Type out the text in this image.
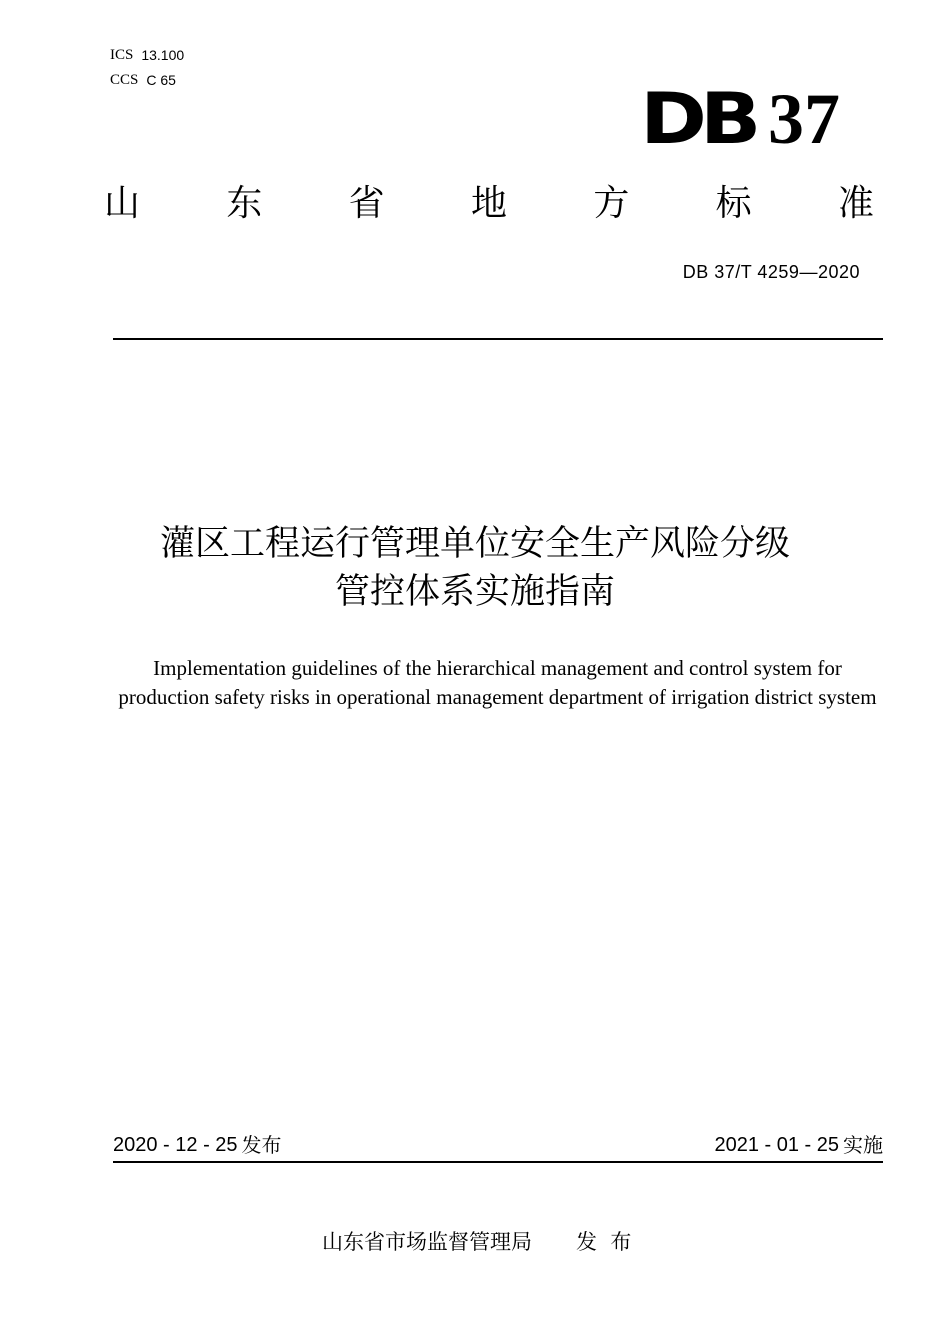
ICS 13.100
CCS C 65	DB 37
山 东 省 地 方 标 准
DB 37/T 4259—2020
灌区工程运行管理单位安全生产风险分级
管控体系实施指南
Implementation guidelines of the hierarchical management and control system for production safety risks in operational management department of irrigation district system
2020 - 12 - 25 发布	2021 - 01 - 25 实施
山东省市场监督管理局 发  布
